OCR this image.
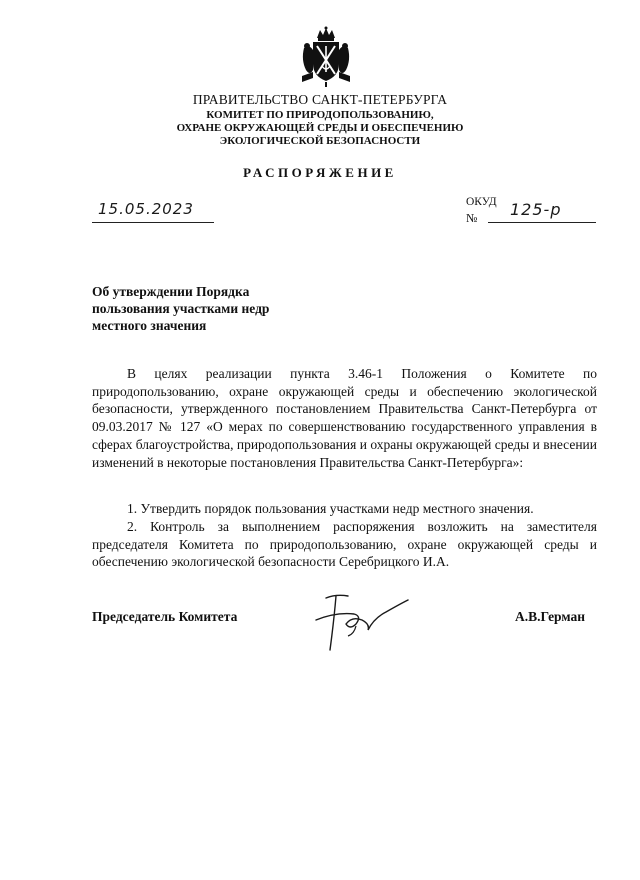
ПРАВИТЕЛЬСТВО САНКТ-ПЕТЕРБУРГА
КОМИТЕТ ПО ПРИРОДОПОЛЬЗОВАНИЮ,
ОХРАНЕ ОКРУЖАЮЩЕЙ СРЕДЫ И ОБЕСПЕЧЕНИЮ
ЭКОЛОГИЧЕСКОЙ БЕЗОПАСНОСТИ
РАСПОРЯЖЕНИЕ
15.05.2023	ОКУД
№ 125-р
Об утверждении Порядка
пользования участками недр
местного значения
В целях реализации пункта 3.46-1 Положения о Комитете по природопользованию, охране окружающей среды и обеспечению экологической безопасности, утвержденного постановлением Правительства Санкт-Петербурга от 09.03.2017 № 127 «О мерах по совершенствованию государственного управления в сферах благоустройства, природопользования и охраны окружающей среды и внесении изменений в некоторые постановления Правительства Санкт-Петербурга»:
1. Утвердить порядок пользования участками недр местного значения.
2. Контроль за выполнением распоряжения возложить на заместителя председателя Комитета по природопользованию, охране окружающей среды и обеспечению экологической безопасности Серебрицкого И.А.
Председатель Комитета	А.В.Герман
